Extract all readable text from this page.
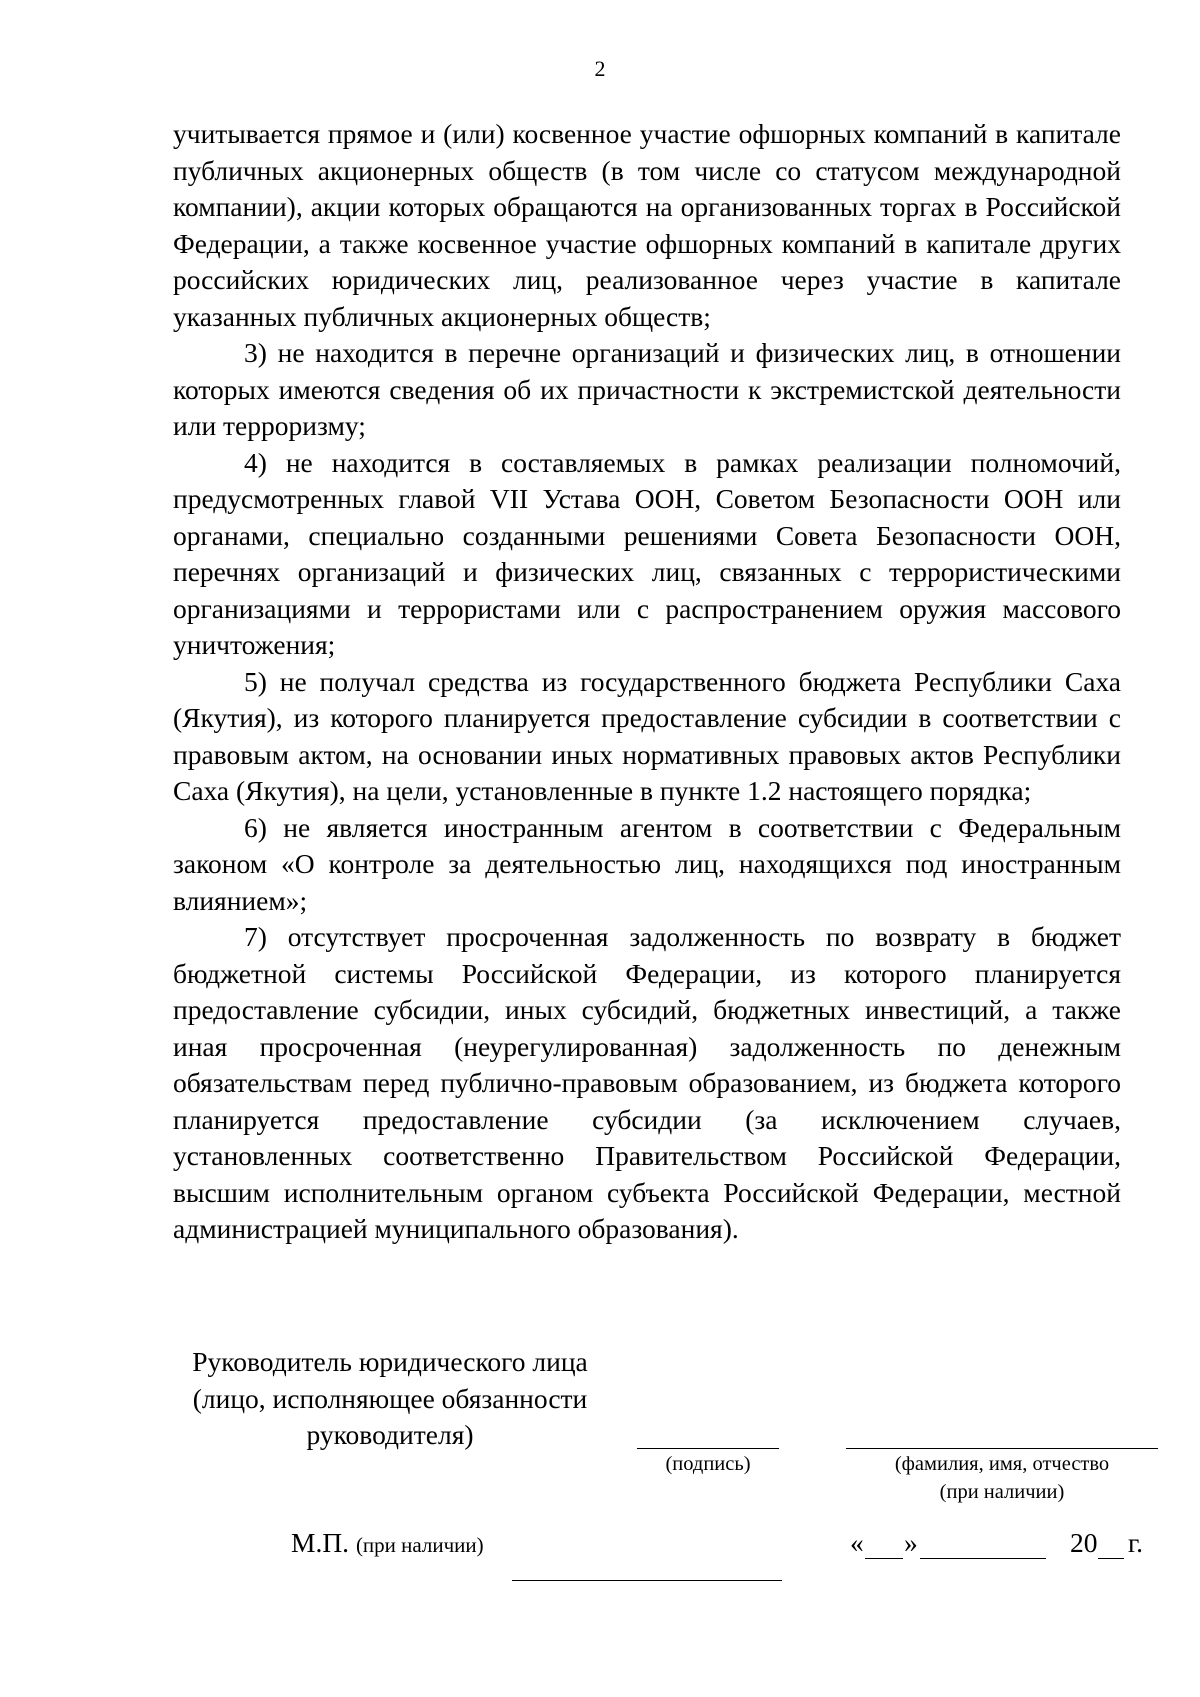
2

учитывается прямое и (или) косвенное участие офшорных компаний в капитале публичных акционерных обществ (в том числе со статусом международной компании), акции которых обращаются на организованных торгах в Российской Федерации, а также косвенное участие офшорных компаний в капитале других российских юридических лиц, реализованное через участие в капитале указанных публичных акционерных обществ;

3) не находится в перечне организаций и физических лиц, в отношении которых имеются сведения об их причастности к экстремистской деятельности или терроризму;

4) не находится в составляемых в рамках реализации полномочий, предусмотренных главой VII Устава ООН, Советом Безопасности ООН или органами, специально созданными решениями Совета Безопасности ООН, перечнях организаций и физических лиц, связанных с террористическими организациями и террористами или с распространением оружия массового уничтожения;

5) не получал средства из государственного бюджета Республики Саха (Якутия), из которого планируется предоставление субсидии в соответствии с правовым актом, на основании иных нормативных правовых актов Республики Саха (Якутия), на цели, установленные в пункте 1.2 настоящего порядка;

6) не является иностранным агентом в соответствии с Федеральным законом «О контроле за деятельностью лиц, находящихся под иностранным влиянием»;

7) отсутствует просроченная задолженность по возврату в бюджет бюджетной системы Российской Федерации, из которого планируется предоставление субсидии, иных субсидий, бюджетных инвестиций, а также иная просроченная (неурегулированная) задолженность по денежным обязательствам перед публично-правовым образованием, из бюджета которого планируется предоставление субсидии (за исключением случаев, установленных соответственно Правительством Российской Федерации, высшим исполнительным органом субъекта Российской Федерации, местной администрацией муниципального образования).

Руководитель юридического лица
(лицо, исполняющее обязанности
руководителя)
(подпись)	(фамилия, имя, отчество
(при наличии)
М.П. (при наличии)	« »	20 г.
